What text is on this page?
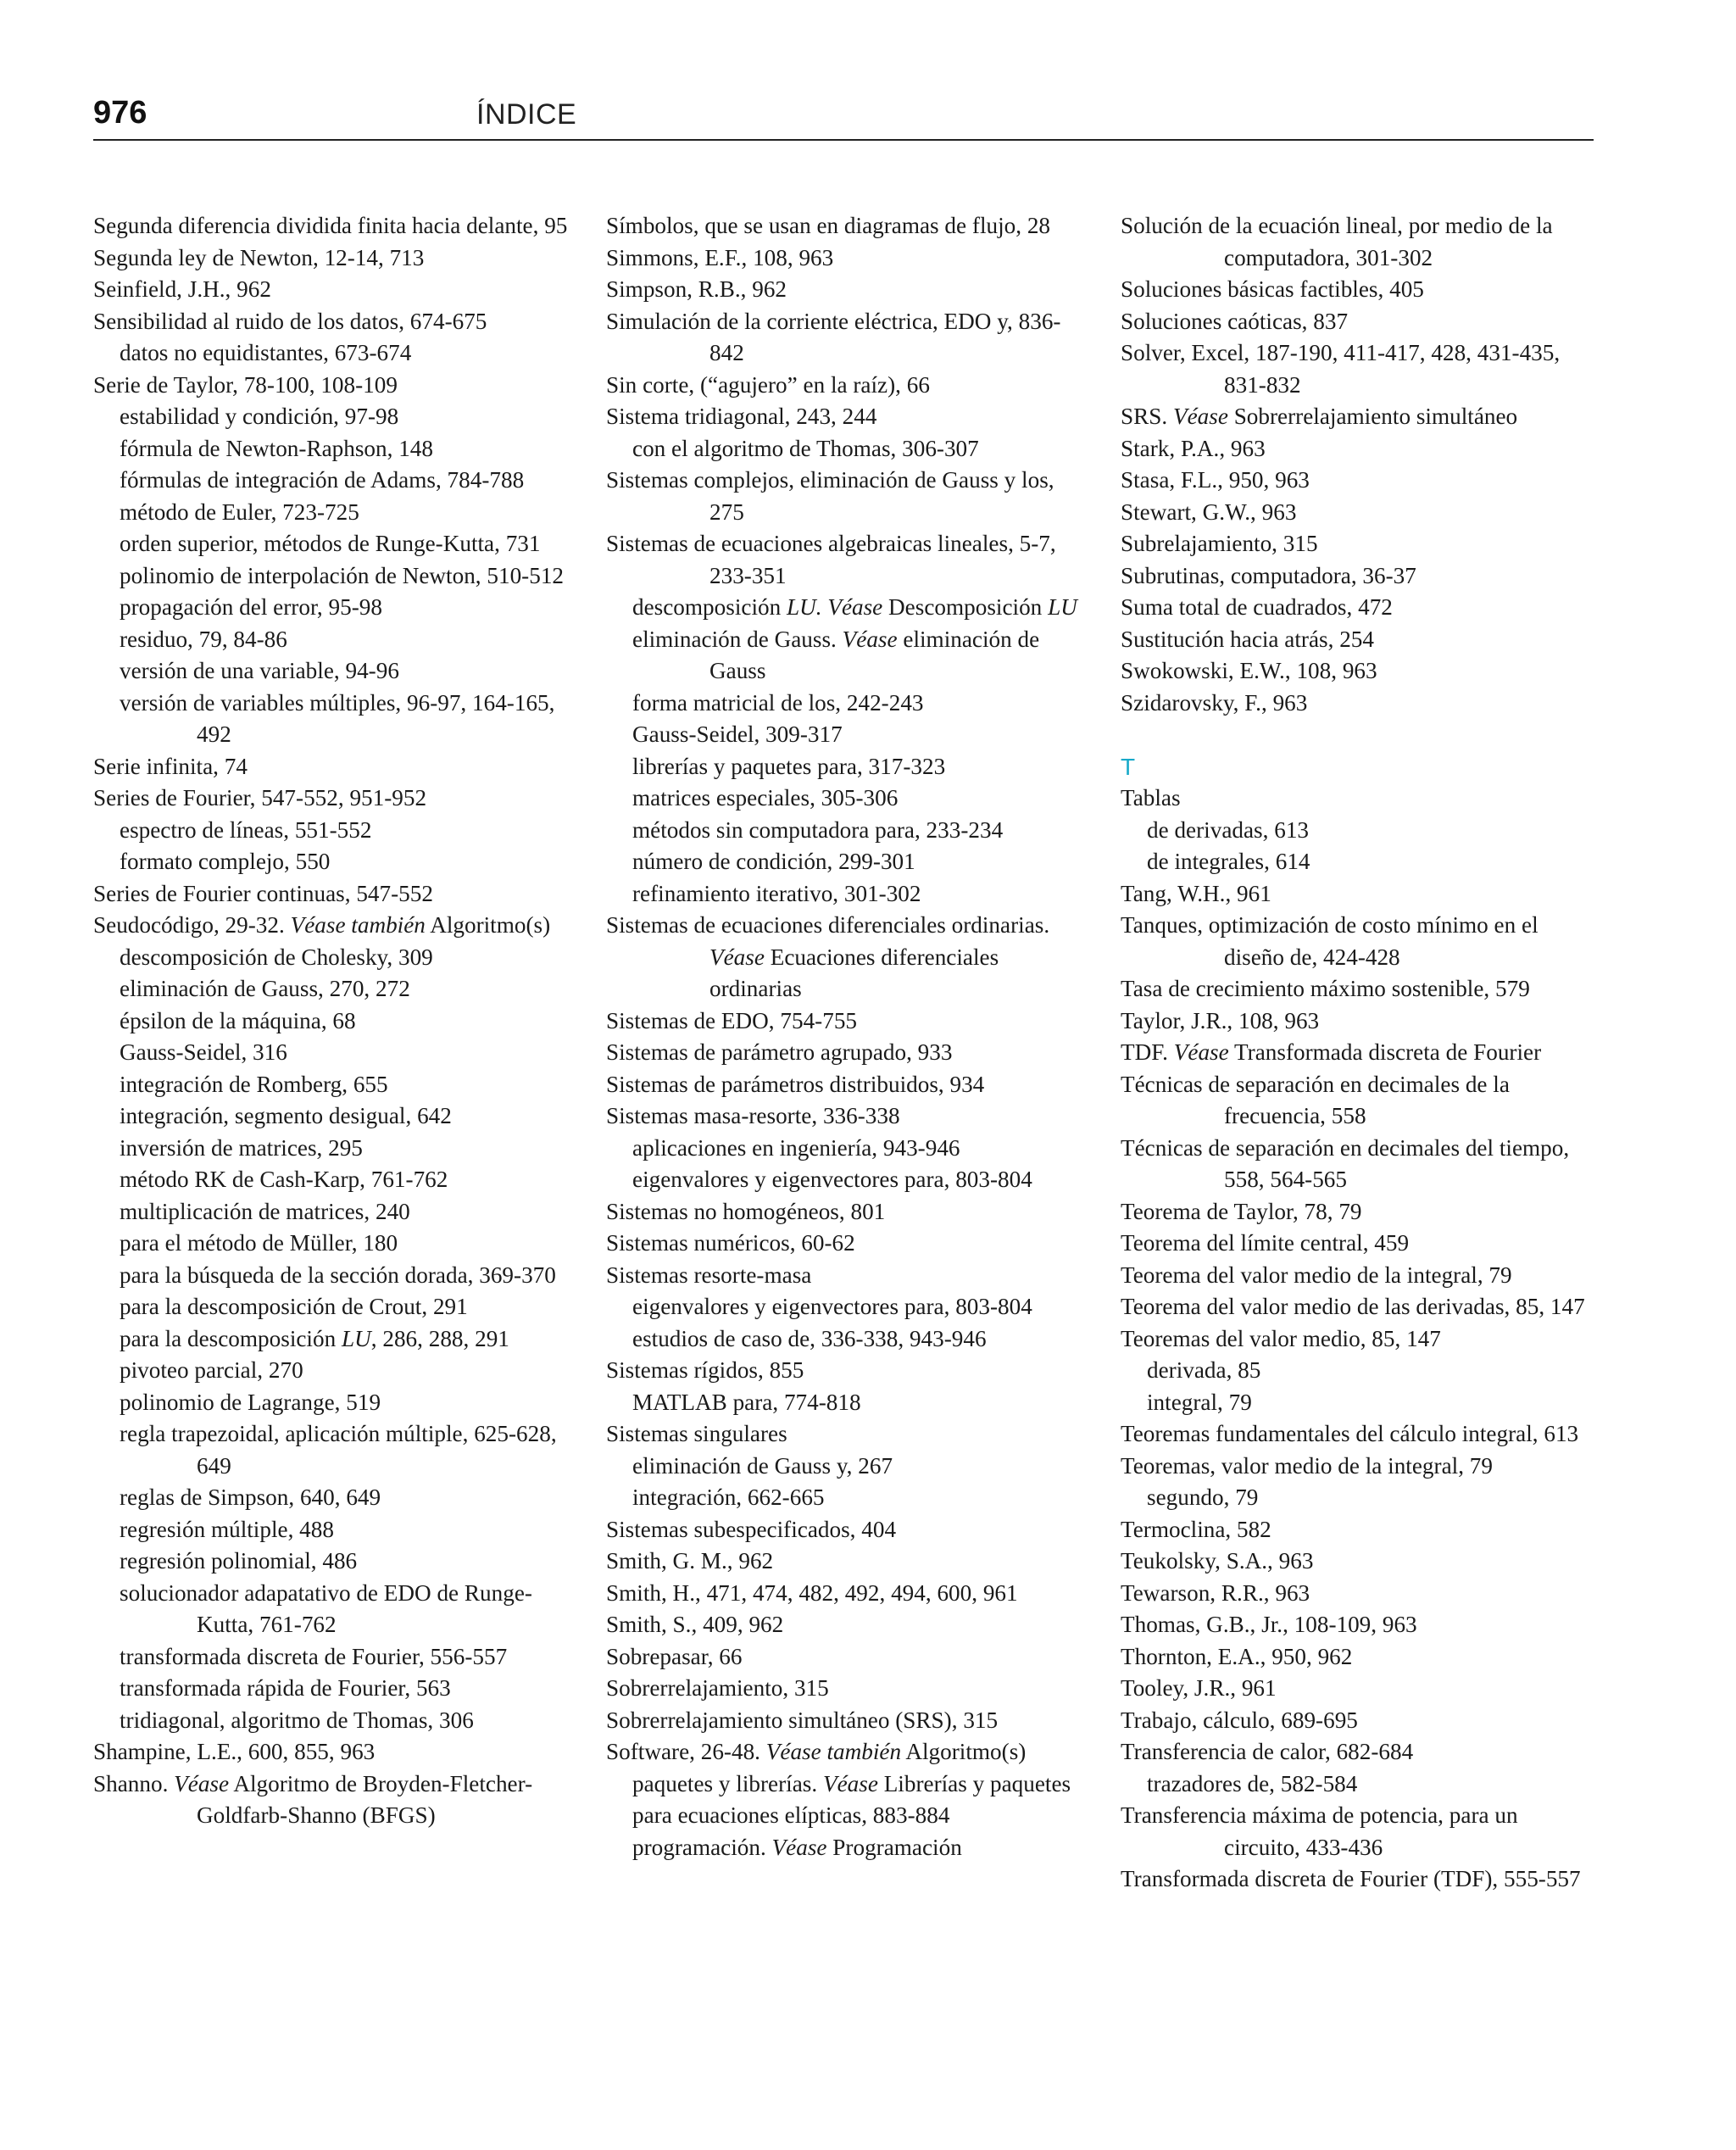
976	ÍNDICE
Segunda diferencia dividida finita hacia delante, 95
Segunda ley de Newton, 12-14, 713
Seinfield, J.H., 962
Sensibilidad al ruido de los datos, 674-675
datos no equidistantes, 673-674
Serie de Taylor, 78-100, 108-109
estabilidad y condición, 97-98
fórmula de Newton-Raphson, 148
fórmulas de integración de Adams, 784-788
método de Euler, 723-725
orden superior, métodos de Runge-Kutta, 731
polinomio de interpolación de Newton, 510-512
propagación del error, 95-98
residuo, 79, 84-86
versión de una variable, 94-96
versión de variables múltiples, 96-97, 164-165, 492
Serie infinita, 74
Series de Fourier, 547-552, 951-952
espectro de líneas, 551-552
formato complejo, 550
Series de Fourier continuas, 547-552
Seudocódigo, 29-32. Véase también Algoritmo(s)
descomposición de Cholesky, 309
eliminación de Gauss, 270, 272
épsilon de la máquina, 68
Gauss-Seidel, 316
integración de Romberg, 655
integración, segmento desigual, 642
inversión de matrices, 295
método RK de Cash-Karp, 761-762
multiplicación de matrices, 240
para el método de Müller, 180
para la búsqueda de la sección dorada, 369-370
para la descomposición de Crout, 291
para la descomposición LU, 286, 288, 291
pivoteo parcial, 270
polinomio de Lagrange, 519
regla trapezoidal, aplicación múltiple, 625-628, 649
reglas de Simpson, 640, 649
regresión múltiple, 488
regresión polinomial, 486
solucionador adapatativo de EDO de Runge-Kutta, 761-762
transformada discreta de Fourier, 556-557
transformada rápida de Fourier, 563
tridiagonal, algoritmo de Thomas, 306
Shampine, L.E., 600, 855, 963
Shanno. Véase Algoritmo de Broyden-Fletcher-Goldfarb-Shanno (BFGS)
Símbolos, que se usan en diagramas de flujo, 28
Simmons, E.F., 108, 963
Simpson, R.B., 962
Simulación de la corriente eléctrica, EDO y, 836-842
Sin corte, (“agujero” en la raíz), 66
Sistema tridiagonal, 243, 244
con el algoritmo de Thomas, 306-307
Sistemas complejos, eliminación de Gauss y los, 275
Sistemas de ecuaciones algebraicas lineales, 5-7, 233-351
descomposición LU. Véase Descomposición LU
eliminación de Gauss. Véase eliminación de Gauss
forma matricial de los, 242-243
Gauss-Seidel, 309-317
librerías y paquetes para, 317-323
matrices especiales, 305-306
métodos sin computadora para, 233-234
número de condición, 299-301
refinamiento iterativo, 301-302
Sistemas de ecuaciones diferenciales ordinarias. Véase Ecuaciones diferenciales ordinarias
Sistemas de EDO, 754-755
Sistemas de parámetro agrupado, 933
Sistemas de parámetros distribuidos, 934
Sistemas masa-resorte, 336-338
aplicaciones en ingeniería, 943-946
eigenvalores y eigenvectores para, 803-804
Sistemas no homogéneos, 801
Sistemas numéricos, 60-62
Sistemas resorte-masa
eigenvalores y eigenvectores para, 803-804
estudios de caso de, 336-338, 943-946
Sistemas rígidos, 855
MATLAB para, 774-818
Sistemas singulares
eliminación de Gauss y, 267
integración, 662-665
Sistemas subespecificados, 404
Smith, G. M., 962
Smith, H., 471, 474, 482, 492, 494, 600, 961
Smith, S., 409, 962
Sobrepasar, 66
Sobrerrelajamiento, 315
Sobrerrelajamiento simultáneo (SRS), 315
Software, 26-48. Véase también Algoritmo(s)
paquetes y librerías. Véase Librerías y paquetes
para ecuaciones elípticas, 883-884
programación. Véase Programación
Solución de la ecuación lineal, por medio de la computadora, 301-302
Soluciones básicas factibles, 405
Soluciones caóticas, 837
Solver, Excel, 187-190, 411-417, 428, 431-435, 831-832
SRS. Véase Sobrerrelajamiento simultáneo
Stark, P.A., 963
Stasa, F.L., 950, 963
Stewart, G.W., 963
Subrelajamiento, 315
Subrutinas, computadora, 36-37
Suma total de cuadrados, 472
Sustitución hacia atrás, 254
Swokowski, E.W., 108, 963
Szidarovsky, F., 963
T
Tablas
de derivadas, 613
de integrales, 614
Tang, W.H., 961
Tanques, optimización de costo mínimo en el diseño de, 424-428
Tasa de crecimiento máximo sostenible, 579
Taylor, J.R., 108, 963
TDF. Véase Transformada discreta de Fourier
Técnicas de separación en decimales de la frecuencia, 558
Técnicas de separación en decimales del tiempo, 558, 564-565
Teorema de Taylor, 78, 79
Teorema del límite central, 459
Teorema del valor medio de la integral, 79
Teorema del valor medio de las derivadas, 85, 147
Teoremas del valor medio, 85, 147
derivada, 85
integral, 79
Teoremas fundamentales del cálculo integral, 613
Teoremas, valor medio de la integral, 79
segundo, 79
Termoclina, 582
Teukolsky, S.A., 963
Tewarson, R.R., 963
Thomas, G.B., Jr., 108-109, 963
Thornton, E.A., 950, 962
Tooley, J.R., 961
Trabajo, cálculo, 689-695
Transferencia de calor, 682-684
trazadores de, 582-584
Transferencia máxima de potencia, para un circuito, 433-436
Transformada discreta de Fourier (TDF), 555-557
